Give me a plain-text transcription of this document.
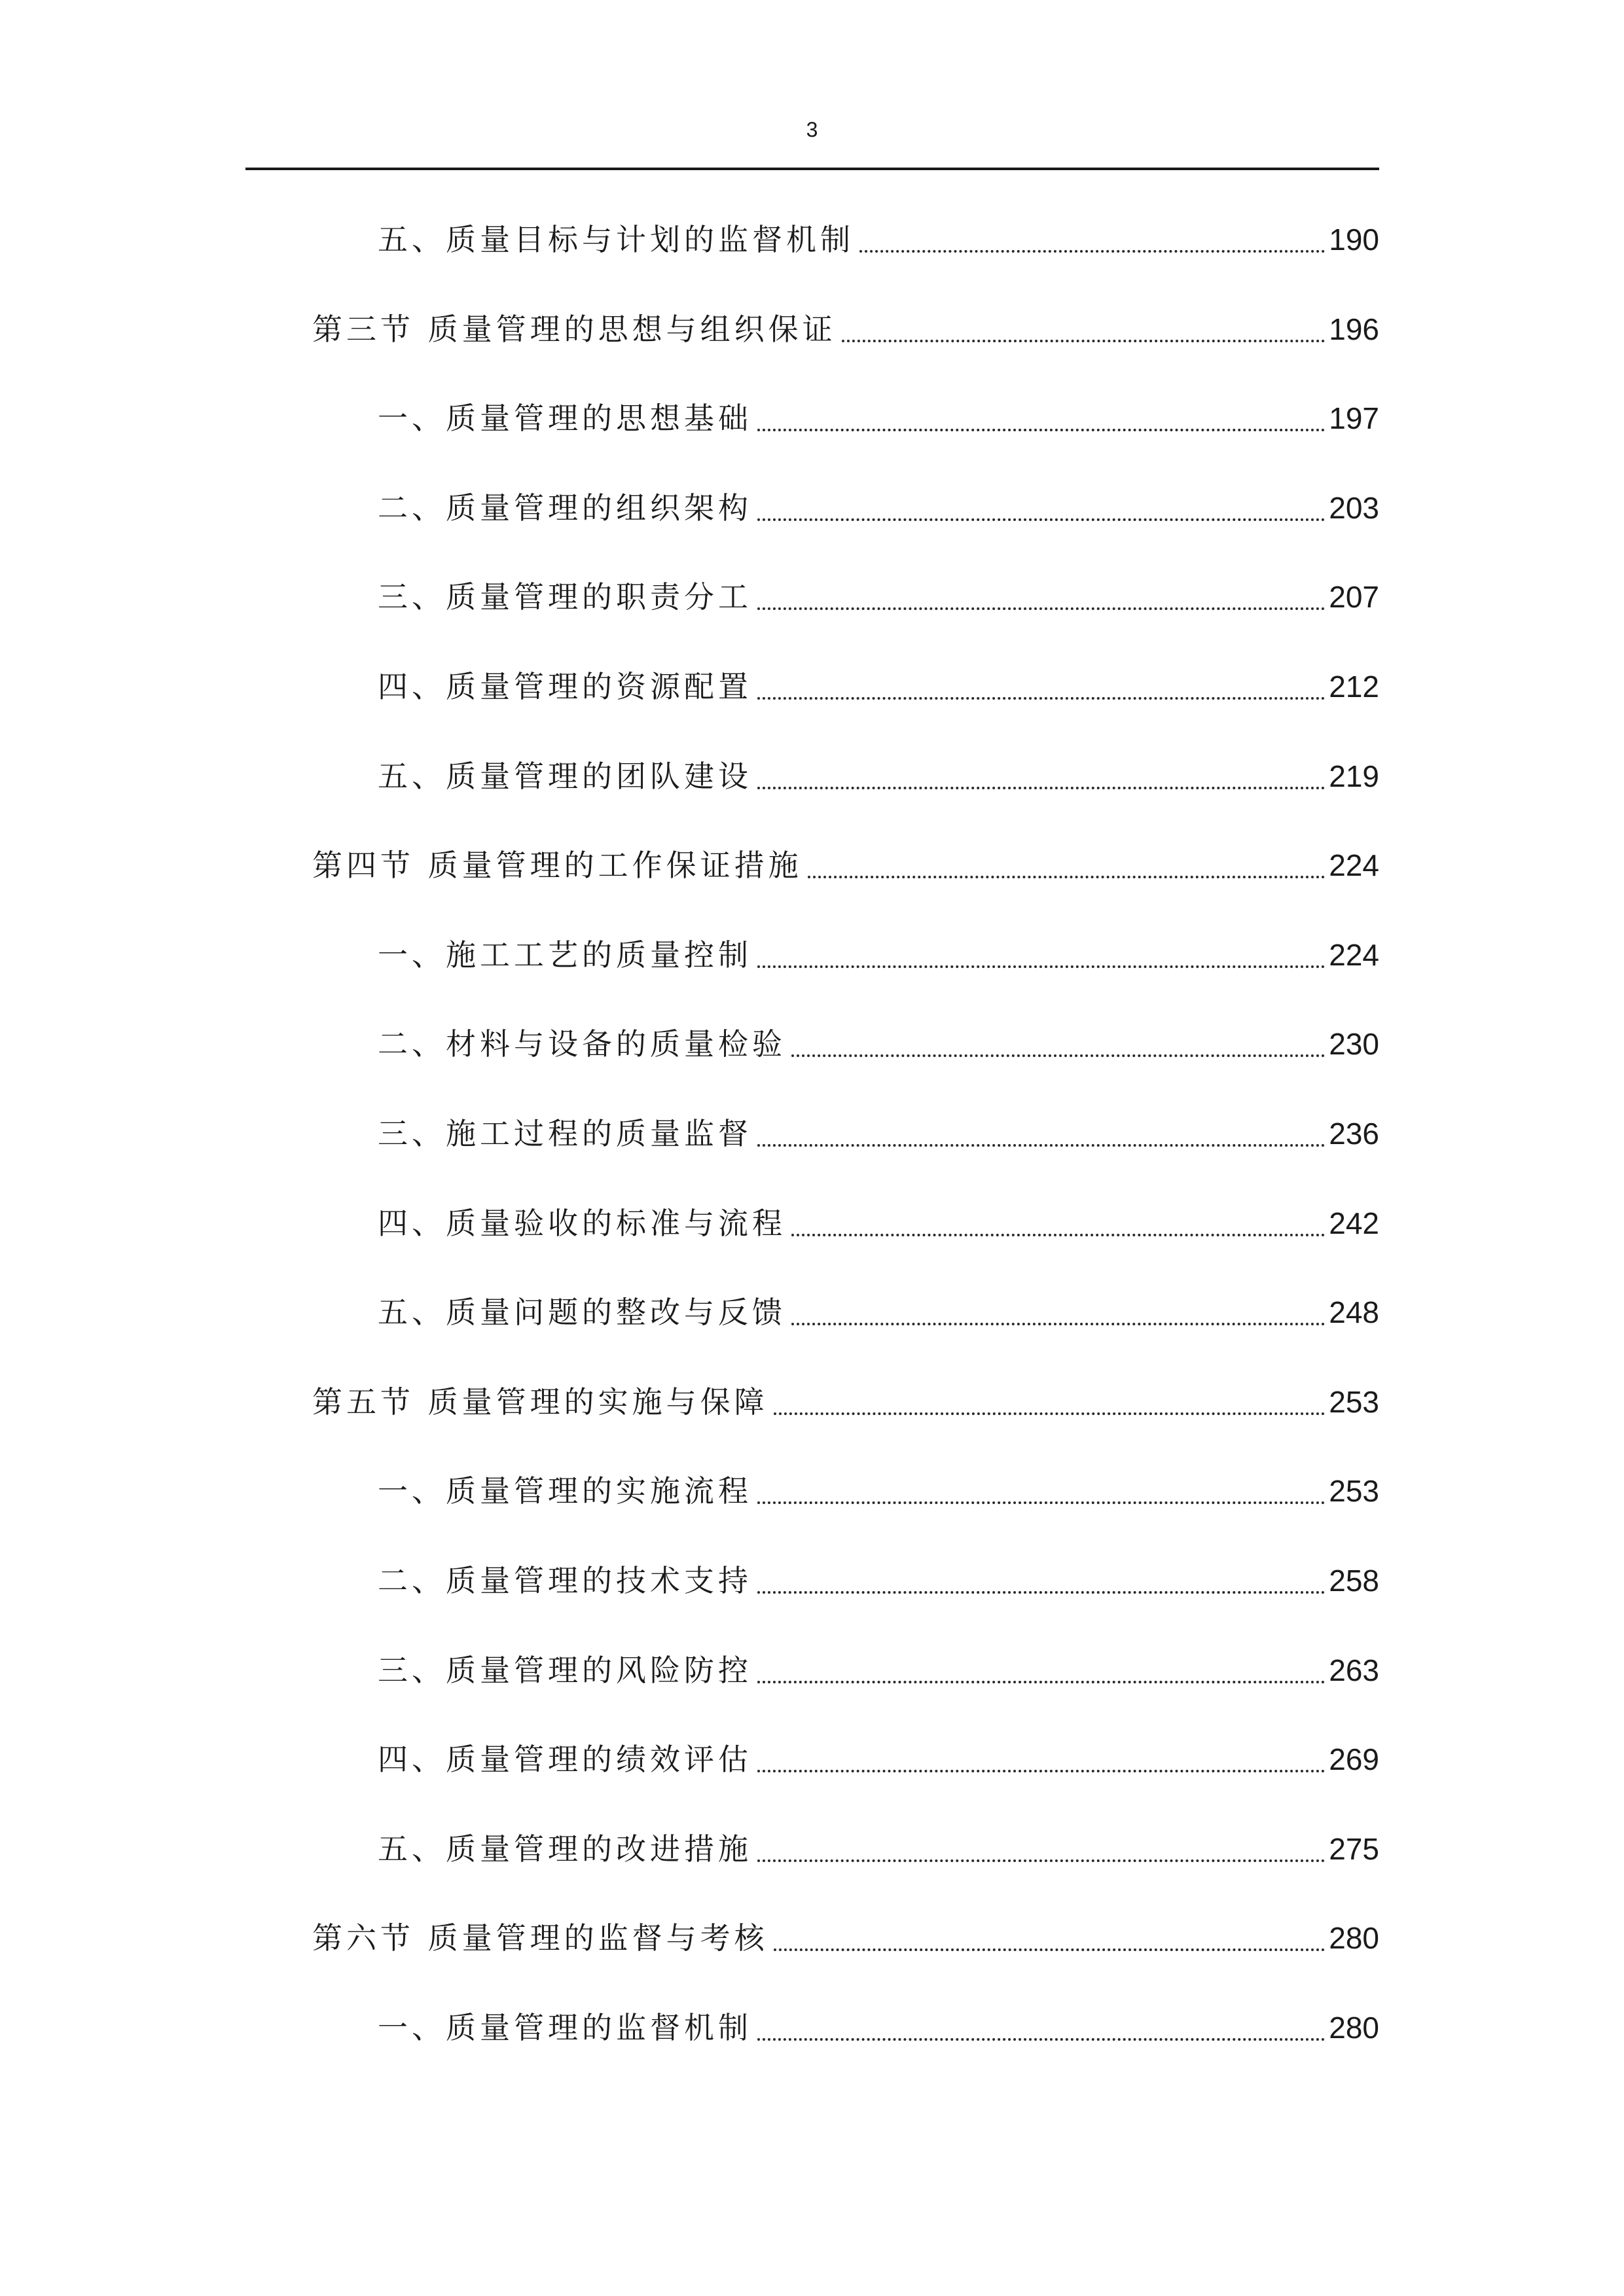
3
五、质量目标与计划的监督机制	190
第三节 质量管理的思想与组织保证	196
一、质量管理的思想基础	197
二、质量管理的组织架构	203
三、质量管理的职责分工	207
四、质量管理的资源配置	212
五、质量管理的团队建设	219
第四节 质量管理的工作保证措施	224
一、施工工艺的质量控制	224
二、材料与设备的质量检验	230
三、施工过程的质量监督	236
四、质量验收的标准与流程	242
五、质量问题的整改与反馈	248
第五节 质量管理的实施与保障	253
一、质量管理的实施流程	253
二、质量管理的技术支持	258
三、质量管理的风险防控	263
四、质量管理的绩效评估	269
五、质量管理的改进措施	275
第六节 质量管理的监督与考核	280
一、质量管理的监督机制	280
